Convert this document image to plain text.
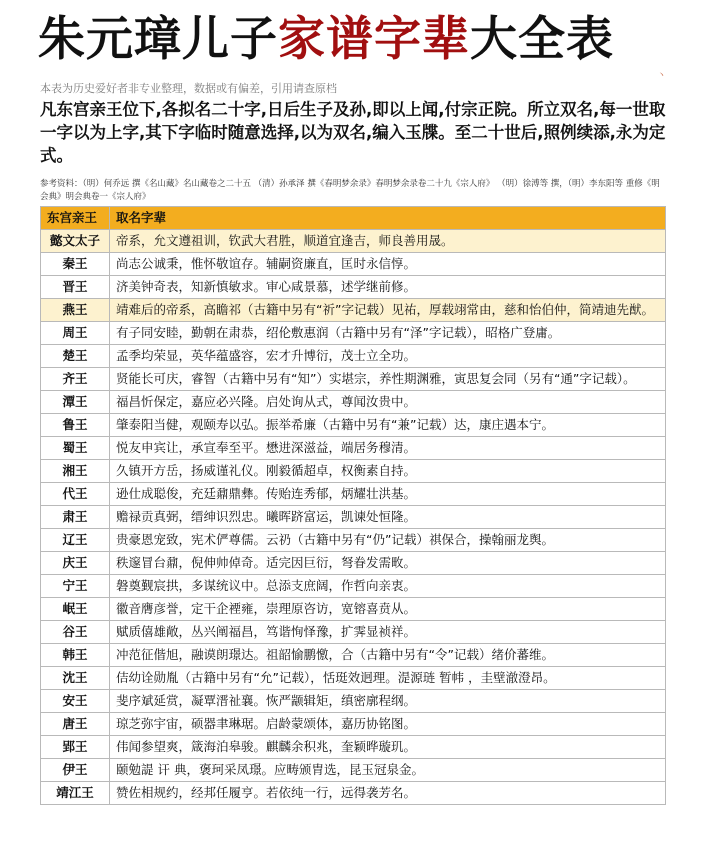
朱元璋儿子家谱字辈大全表
本表为历史爱好者非专业整理，数据或有偏差，引用请查原档
丶
凡东宫亲王位下,各拟名二十字,日后生子及孙,即以上闻,付宗正院。所立双名,每一世取一字以为上字,其下字临时随意选择,以为双名,编入玉牒。至二十世后,照例续添,永为定式。
参考资料：（明）何乔远 撰《名山藏》名山藏卷之二十五 （清）孙承泽 撰《春明梦余录》春明梦余录卷二十九《宗人府》 （明）徐溥等 撰，（明）李东阳等 重修《明会典》明会典卷一《宗人府》
东宫亲王	取名字辈
懿文太子	帝系，允文遵祖训，钦武大君胜，顺道宜逢吉，师良善用晟。
秦王	尚志公诚秉，惟怀敬谊存。辅嗣资廉直，匡时永信惇。
晋王	济美钟奇表，知新慎敏求。审心咸景慕，述学继前修。
燕王	靖难后的帝系，高瞻祁（古籍中另有“祈”字记载）见祐，厚载翊常由，慈和怡伯仲，简靖迪先猷。
周王	有子同安睦，勤朝在肃恭，绍伦敷惠润（古籍中另有“泽”字记载），昭格广登庸。
楚王	孟季均荣显，英华蕴盛容，宏才升博衍，茂士立全功。
齐王	贤能长可庆，睿智（古籍中另有“知”）实堪宗，养性期渊雅，寅思复会同（另有“通”字记载）。
潭王	福昌忻保定，嘉应必兴隆。启处询从式，尊闻汝贵中。
鲁王	肇泰阳当健，观颐寿以弘。振举希廉（古籍中另有“兼”记载）达，康庄遇本宁。
蜀王	悦友申宾让，承宣奉至平。懋进深滋益，端居务穆清。
湘王	久镇开方岳，扬威谨礼仪。刚毅循超卓，权衡素自持。
代王	逊仕成聪俊，充廷鼐鼎彝。传贻连秀郁，炳耀壮洪基。
肃王	赡禄贡真弼，缙绅识烈忠。曦晖跻富运，凯谏处恒隆。
辽王	贵豪恩宠致，宪术俨尊儒。云礽（古籍中另有“仍”记载）祺保合，操翰丽龙舆。
庆王	秩邃冒台鼐，倪伸帅倬奇。适完因巨衍，弩眷发需畋。
宁王	磐奠觐宸拱，多谋统议中。总添支庶阔，作哲向亲衷。
岷王	徽音膺彦誉，定干企禋雍，崇理原咨访，宽镕喜贲从。
谷王	赋质僖雄敞，丛兴阐福昌，笃谐恂怿豫，扩霁显祯祥。
韩王	冲范征偕旭，融谟朗璟达。祖韶愉鹏憿，合（古籍中另有“令”记载）绪价蕃维。
沈王	佶幼诠勋胤（古籍中另有“允”记载），恬珽效迥理。湜源琏 暂帏 ，圭壁澈澄昂。
安王	斐序斌延赏，凝覃溍祉襄。恢严颛辑矩，缜密廓程纲。
唐王	琼芝弥宇宙，硕器聿琳琚。启龄蒙颂体，嘉历协铭图。
郢王	伟闻参望爽，箴海泊皋骏。麒麟余积兆，奎颖晔璇玑。
伊王	颐勉諟 讦 典，褒珂采凤璟。应畴颁胄选，昆玉冠泉金。
靖江王	赞佐相规约，经邦任履亨。若依纯一行，远得袭芳名。
